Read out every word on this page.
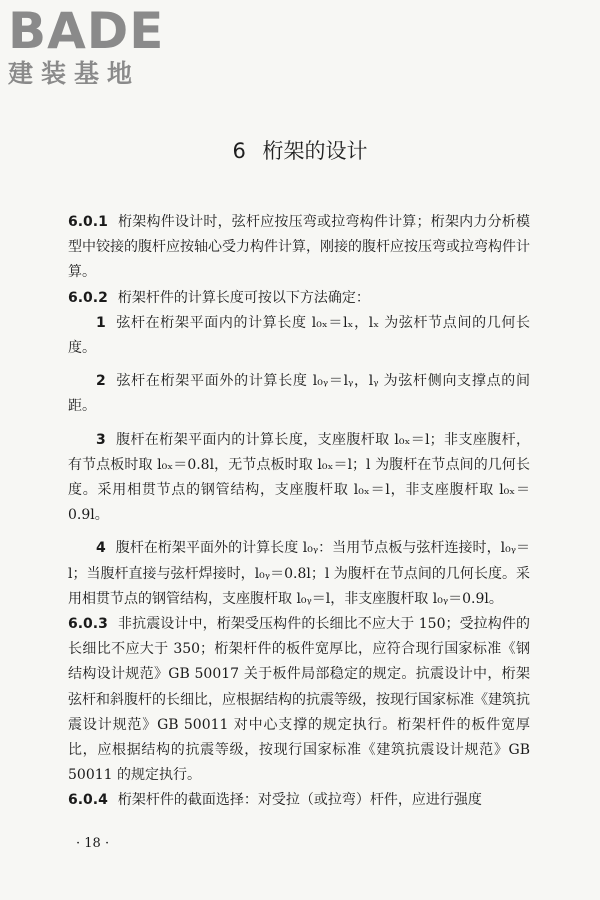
BADE
建装基地
6 桁架的设计

6.0.1 桁架构件设计时，弦杆应按压弯或拉弯构件计算；桁架内力分析模型中铰接的腹杆应按轴心受力构件计算，刚接的腹杆应按压弯或拉弯构件计算。

6.0.2 桁架杆件的计算长度可按以下方法确定：

1 弦杆在桁架平面内的计算长度 l₀ₓ＝lₓ，lₓ 为弦杆节点间的几何长度。

2 弦杆在桁架平面外的计算长度 l₀ᵧ＝lᵧ，lᵧ 为弦杆侧向支撑点的间距。

3 腹杆在桁架平面内的计算长度，支座腹杆取 l₀ₓ＝l；非支座腹杆，有节点板时取 l₀ₓ＝0.8l，无节点板时取 l₀ₓ＝l；l 为腹杆在节点间的几何长度。采用相贯节点的钢管结构，支座腹杆取 l₀ₓ＝l，非支座腹杆取 l₀ₓ＝0.9l。

4 腹杆在桁架平面外的计算长度 l₀ᵧ：当用节点板与弦杆连接时，l₀ᵧ＝l；当腹杆直接与弦杆焊接时，l₀ᵧ＝0.8l；l 为腹杆在节点间的几何长度。采用相贯节点的钢管结构，支座腹杆取 l₀ᵧ＝l，非支座腹杆取 l₀ᵧ＝0.9l。

6.0.3 非抗震设计中，桁架受压构件的长细比不应大于 150；受拉构件的长细比不应大于 350；桁架杆件的板件宽厚比，应符合现行国家标准《钢结构设计规范》GB 50017 关于板件局部稳定的规定。抗震设计中，桁架弦杆和斜腹杆的长细比，应根据结构的抗震等级，按现行国家标准《建筑抗震设计规范》GB 50011 对中心支撑的规定执行。桁架杆件的板件宽厚比，应根据结构的抗震等级，按现行国家标准《建筑抗震设计规范》GB 50011 的规定执行。

6.0.4 桁架杆件的截面选择：对受拉（或拉弯）杆件，应进行强度

· 18 ·
